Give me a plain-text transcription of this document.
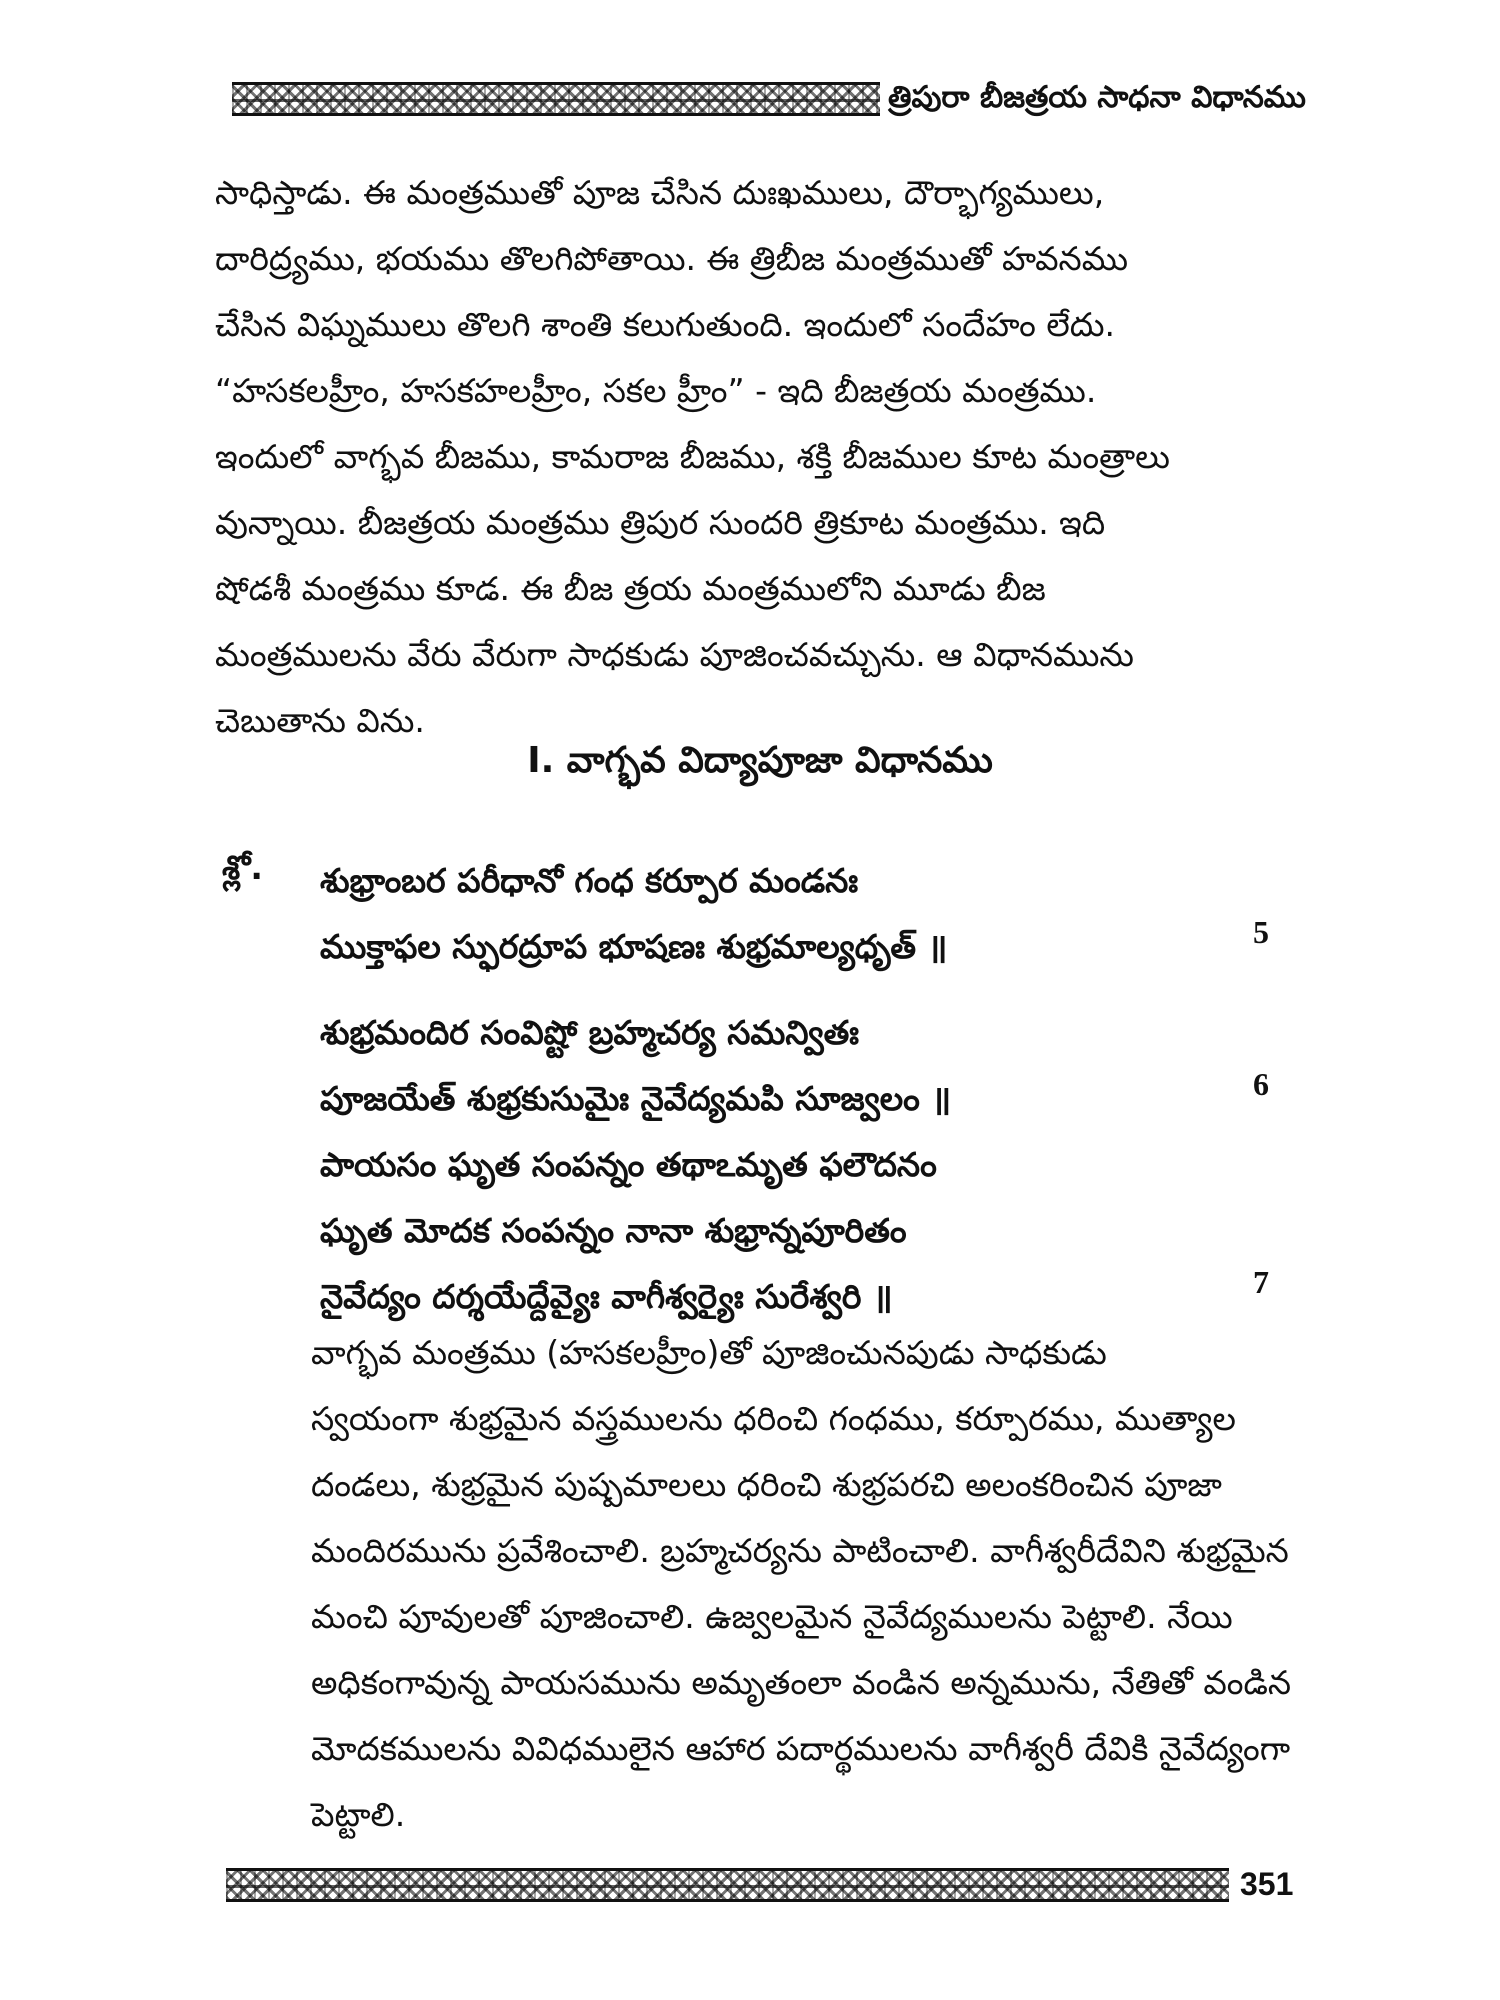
త్రిపురా బీజత్రయ సాధనా విధానము

సాధిస్తాడు. ఈ మంత్రముతో పూజ చేసిన దుఃఖములు, దౌర్భాగ్యములు,
దారిద్ర్యము, భయము తొలగిపోతాయి. ఈ త్రిబీజ మంత్రముతో హవనము
చేసిన విఘ్నములు తొలగి శాంతి కలుగుతుంది. ఇందులో సందేహం లేదు.
“హసకలహ్రీం, హసకహలహ్రీం, సకల హ్రీం” - ఇది బీజత్రయ మంత్రము.
ఇందులో వాగ్భవ బీజము, కామరాజ బీజము, శక్తి బీజముల కూట మంత్రాలు
వున్నాయి. బీజత్రయ మంత్రము త్రిపుర సుందరి త్రికూట మంత్రము. ఇది
షోడశీ మంత్రము కూడ. ఈ బీజ త్రయ మంత్రములోని మూడు బీజ
మంత్రములను వేరు వేరుగా సాధకుడు పూజించవచ్చును. ఆ విధానమును
చెబుతాను విను.

I. వాగ్భవ విద్యాపూజా విధానము
శ్లో. శుభ్రాంబర పరీధానో గంధ కర్పూర మండనః
ముక్తాఫల స్ఫురద్రూప భూషణః శుభ్రమాల్యధృత్ ॥	5

శుభ్రమందిర సంవిష్టో బ్రహ్మచర్య సమన్వితః
పూజయేత్ శుభ్రకుసుమైః నైవేద్యమపి సూజ్వలం ॥	6

పాయసం ఘృత సంపన్నం తథాఽమృత ఫలౌదనం
ఘృత మోదక సంపన్నం నానా శుభ్రాన్నపూరితం
నైవేద్యం దర్శయేద్దేవ్యైః వాగీశ్వర్యైః సురేశ్వరి ॥	7

వాగ్భవ మంత్రము (హసకలహ్రీం)తో పూజించునపుడు సాధకుడు
స్వయంగా శుభ్రమైన వస్త్రములను ధరించి గంధము, కర్పూరము, ముత్యాల
దండలు, శుభ్రమైన పుష్పమాలలు ధరించి శుభ్రపరచి అలంకరించిన పూజా
మందిరమును ప్రవేశించాలి. బ్రహ్మచర్యను పాటించాలి. వాగీశ్వరీదేవిని శుభ్రమైన
మంచి పూవులతో పూజించాలి. ఉజ్వలమైన నైవేద్యములను పెట్టాలి. నేయి
అధికంగావున్న పాయసమును అమృతంలా వండిన అన్నమును, నేతితో వండిన
మోదకములను వివిధములైన ఆహార పదార్థములను వాగీశ్వరీ దేవికి నైవేద్యంగా
పెట్టాలి.

351
